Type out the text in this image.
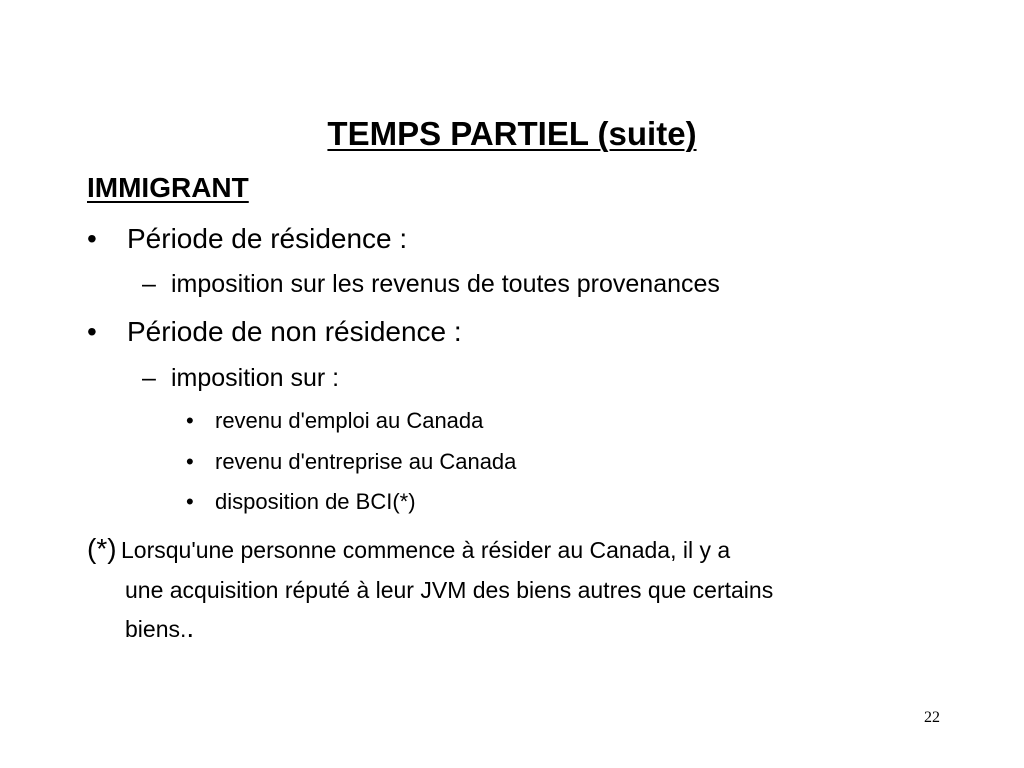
TEMPS PARTIEL (suite)
IMMIGRANT
• Période de résidence :
– imposition sur les revenus de toutes provenances
• Période de non résidence :
– imposition sur :
• revenu d'emploi au Canada
• revenu d'entreprise au Canada
• disposition de BCI(*)
(*) Lorsqu'une personne commence à résider au Canada, il y a
une acquisition réputé à leur JVM des biens autres que certains
biens..
22
